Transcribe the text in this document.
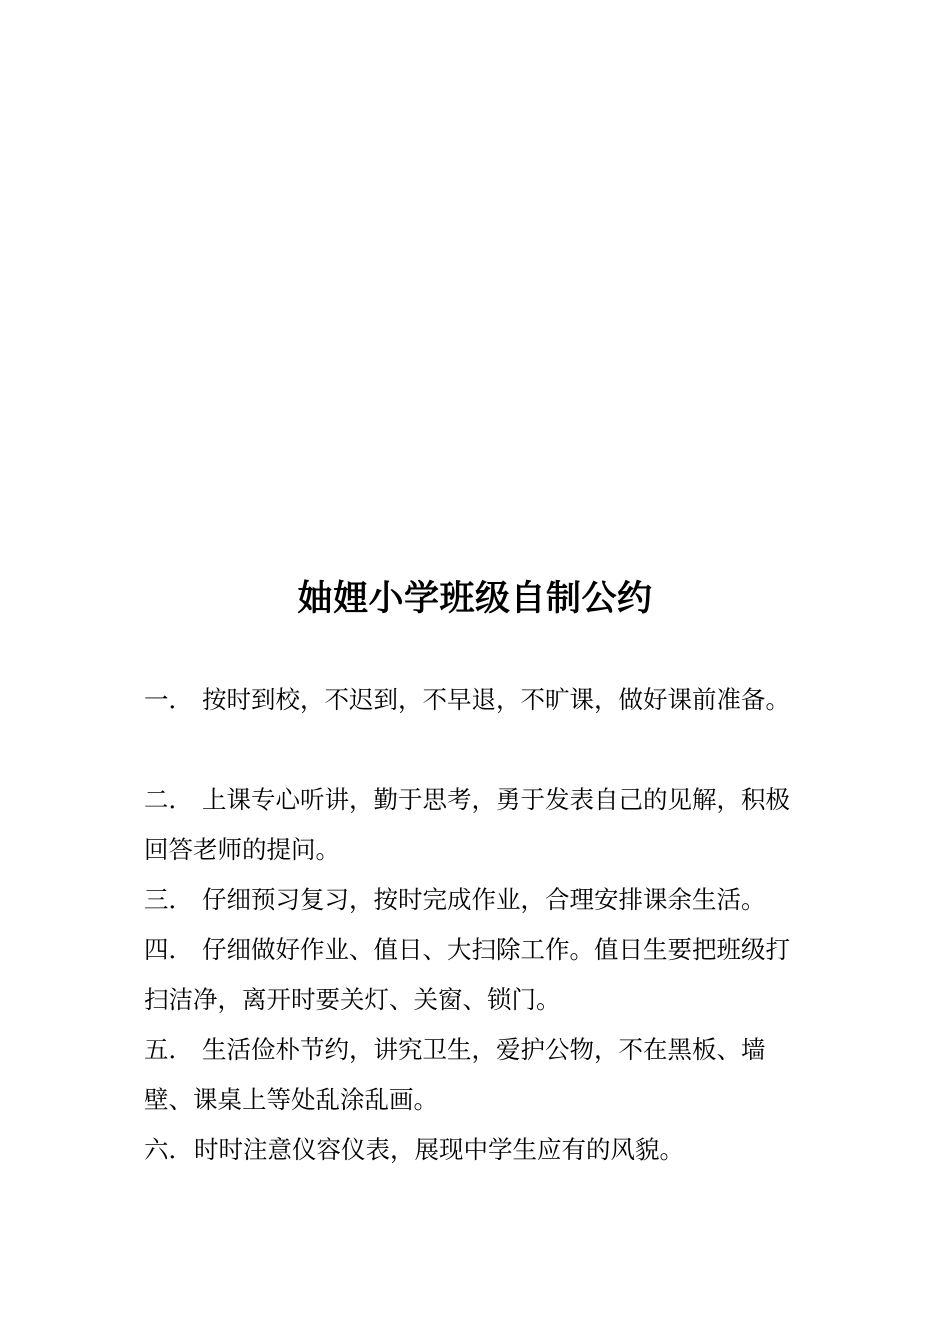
妯娌小学班级自制公约

一． 按时到校，不迟到，不早退，不旷课，做好课前准备。

二． 上课专心听讲，勤于思考，勇于发表自己的见解，积极回答老师的提问。

三． 仔细预习复习，按时完成作业，合理安排课余生活。

四． 仔细做好作业、值日、大扫除工作。值日生要把班级打扫洁净，离开时要关灯、关窗、锁门。

五． 生活俭朴节约，讲究卫生，爱护公物，不在黑板、墙壁、课桌上等处乱涂乱画。

六．时时注意仪容仪表，展现中学生应有的风貌。
